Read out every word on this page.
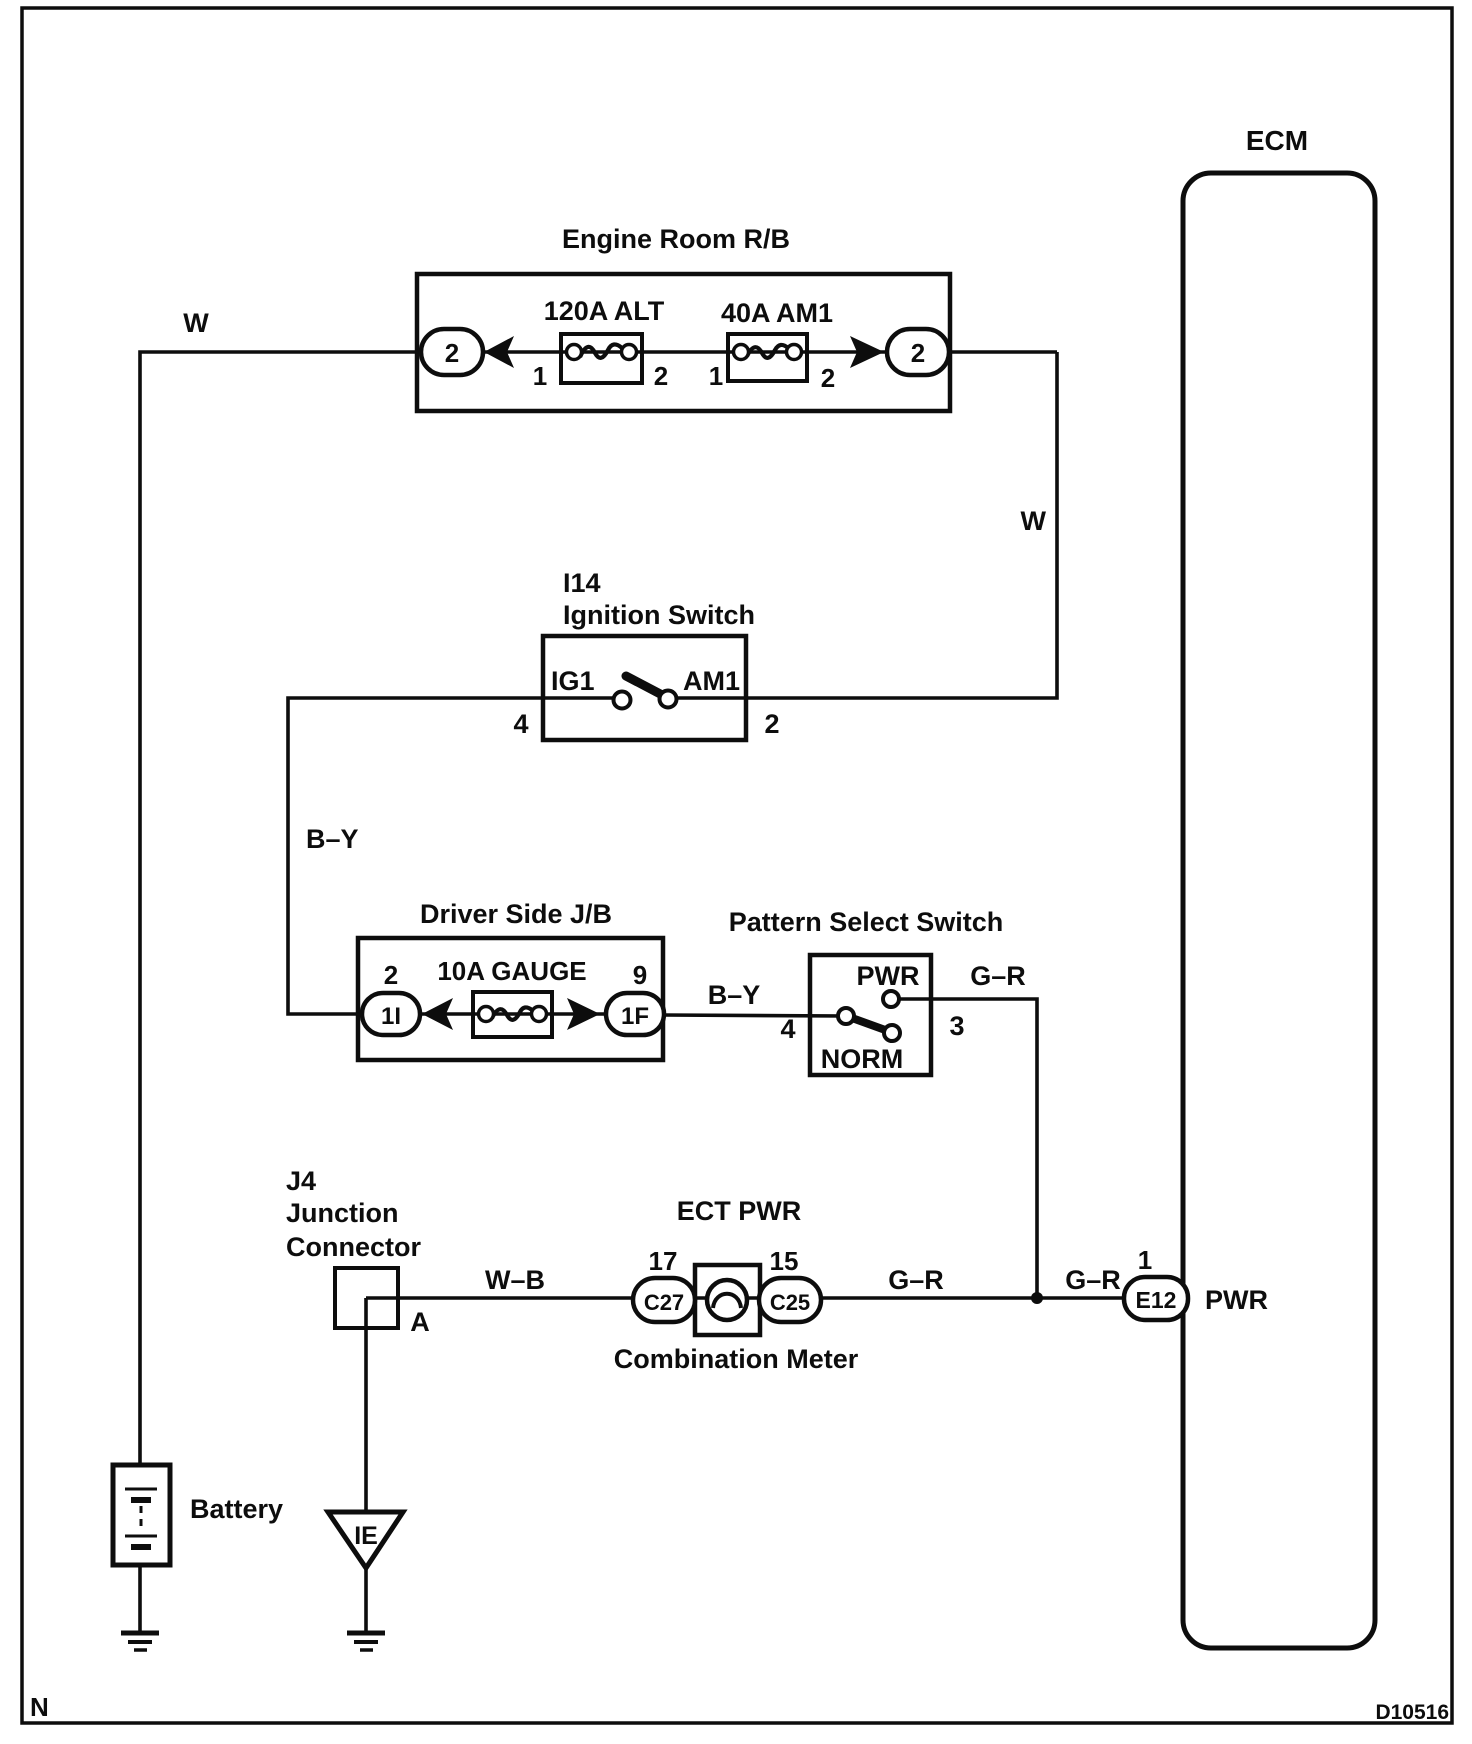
ECM
Engine Room R/B
120A ALT 40A AM1
1	2 1	2
2	2
W
W
I14
Ignition Switch
IG1	AM1
4	2
B–Y
Driver Side J/B
2 10A GAUGE 9
1I	1F
Pattern Select Switch
PWR
NORM
4	3
B–Y
G–R
J4
Junction
Connector
A
W–B
ECT PWR
17	15
C27	C25
Combination Meter
G–R	G–R
1
E12 PWR
Battery
IE
N	D10516
